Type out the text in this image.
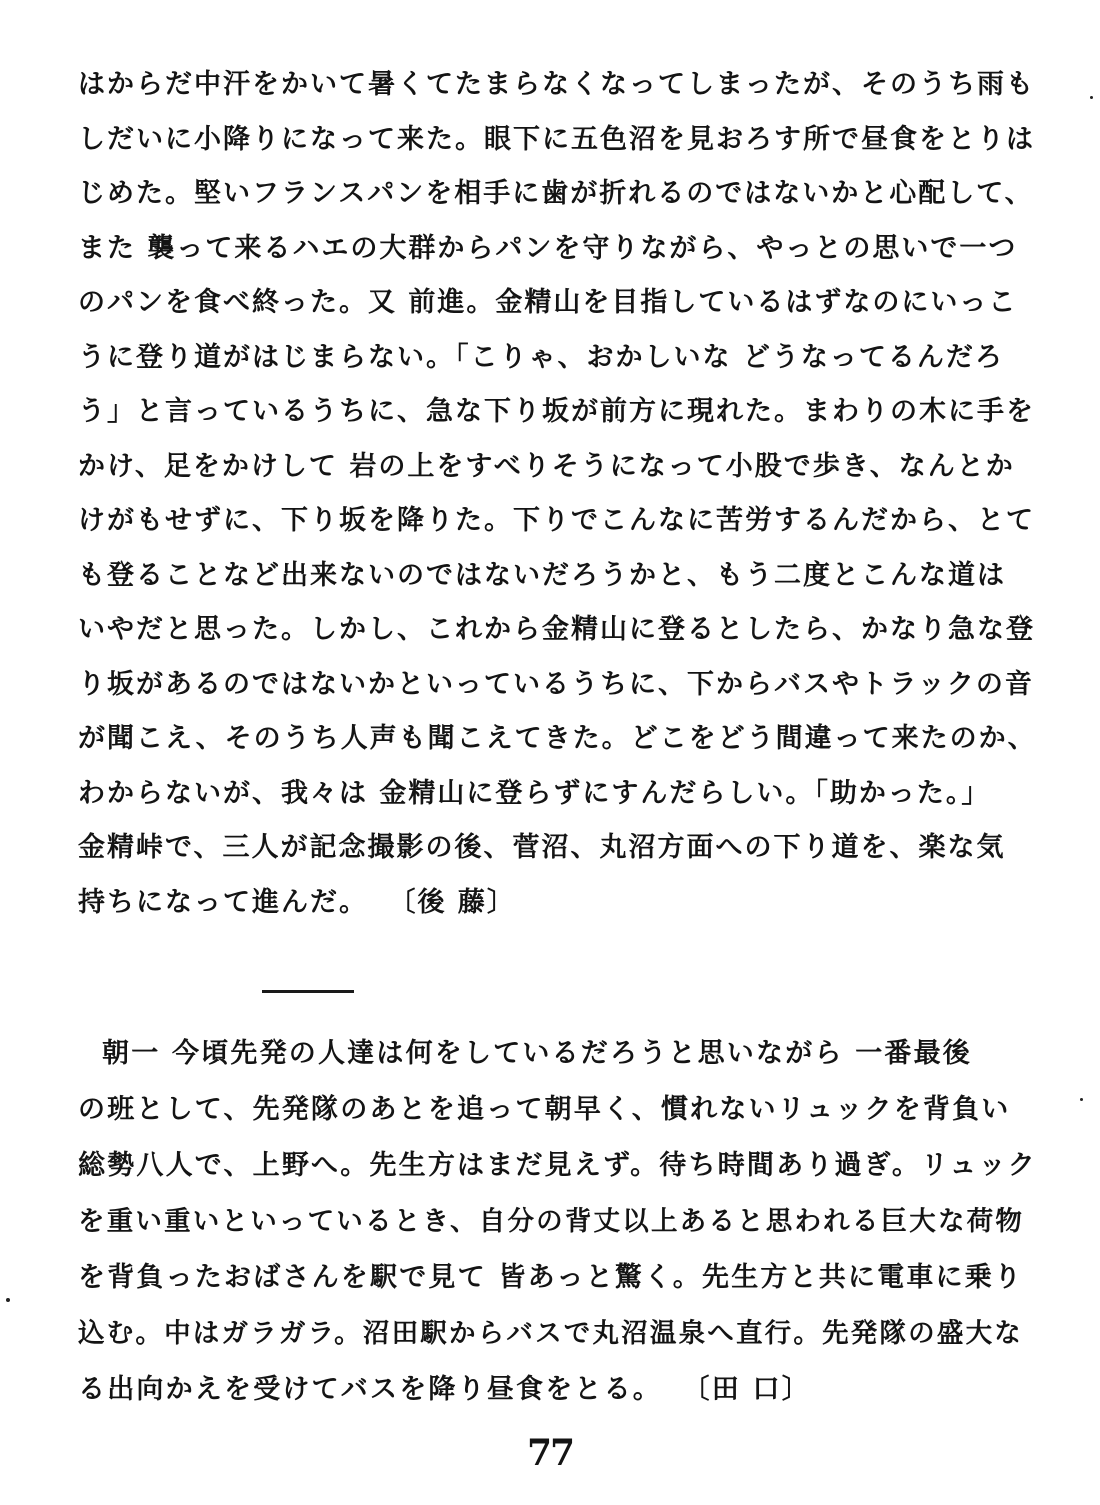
はからだ中汗をかいて暑くてたまらなくなってしまったが、そのうち雨も
しだいに小降りになって来た。眼下に五色沼を見おろす所で昼食をとりは
じめた。堅いフランスパンを相手に歯が折れるのではないかと心配して、
また 襲って来るハエの大群からパンを守りながら、やっとの思いで一つ
のパンを食べ終った。又 前進。金精山を目指しているはずなのにいっこ
うに登り道がはじまらない。「こりゃ、おかしいな どうなってるんだろ
う」と言っているうちに、急な下り坂が前方に現れた。まわりの木に手を
かけ、足をかけして 岩の上をすべりそうになって小股で歩き、なんとか
けがもせずに、下り坂を降りた。下りでこんなに苦労するんだから、とて
も登ることなど出来ないのではないだろうかと、もう二度とこんな道は
いやだと思った。しかし、これから金精山に登るとしたら、かなり急な登
り坂があるのではないかといっているうちに、下からバスやトラックの音
が聞こえ、そのうち人声も聞こえてきた。どこをどう間違って来たのか、
わからないが、我々は 金精山に登らずにすんだらしい。「助かった。」
金精峠で、三人が記念撮影の後、菅沼、丸沼方面への下り道を、楽な気
持ちになって進んだ。 〔後 藤〕
朝一 今頃先発の人達は何をしているだろうと思いながら 一番最後
の班として、先発隊のあとを追って朝早く、慣れないリュックを背負い
総勢八人で、上野へ。先生方はまだ見えず。待ち時間あり過ぎ。リュック
を重い重いといっているとき、自分の背丈以上あると思われる巨大な荷物
を背負ったおばさんを駅で見て 皆あっと驚く。先生方と共に電車に乗り
込む。中はガラガラ。沼田駅からバスで丸沼温泉へ直行。先発隊の盛大な
る出向かえを受けてバスを降り昼食をとる。 〔田 口〕
77
